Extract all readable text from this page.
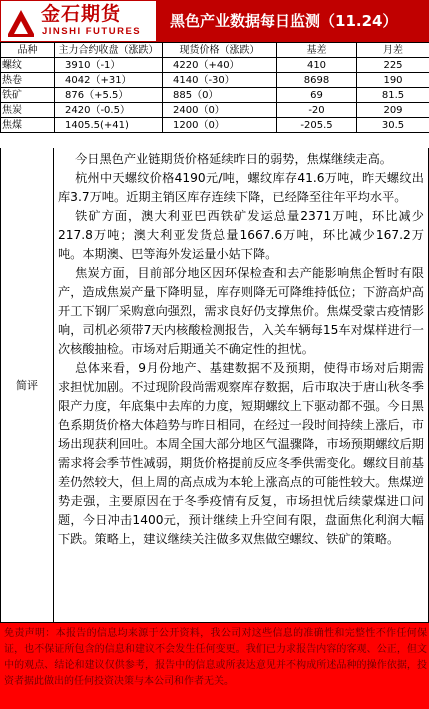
金石期货
JINSHI FUTURES
黑色产业数据每日监测（11.24）
品种	主力合约收盘（涨跌）	现货价格（涨跌）	基差	月差
螺纹	3910（-1）	4220（+40）	410	225
热卷	4042（+31）	4140（-30）	8698	190
铁矿	876（+5.5）	885（0）	69	81.5
焦炭	2420（-0.5）	2400（0）	-20	209
焦煤	1405.5(+41)	1200（0）	-205.5	30.5
简评

今日黑色产业链期货价格延续昨日的弱势，焦煤继续走高。

杭州中天螺纹价格4190元/吨，螺纹库存41.6万吨，昨天螺纹出库3.7万吨。近期主销区库存连续下降，已经降至往年平均水平。

铁矿方面，澳大利亚巴西铁矿发运总量2371万吨，环比减少217.8万吨；澳大利亚发货总量1667.6万吨，环比减少167.2万吨。本期澳、巴等海外发运量小姑下降。

焦炭方面，目前部分地区因环保检查和去产能影响焦企暂时有限产，造成焦炭产量下降明显，库存则降无可降维持低位；下游高炉高开工下钢厂采购意向强烈，需求良好仍支撑焦价。焦煤受蒙古疫情影响，司机必须带7天内核酸检测报告，入关车辆每15车对煤样进行一次核酸抽检。市场对后期通关不确定性的担忧。

总体来看，9月份地产、基建数据不及预期，使得市场对后期需求担忧加剧。不过现阶段尚需观察库存数据，后市取决于唐山秋冬季限产力度，年底集中去库的力度，短期螺纹上下驱动都不强。今日黑色系期货价格大体趋势与昨日相同，在经过一段时间持续上涨后，市场出现获利回吐。本周全国大部分地区气温骤降，市场预期螺纹后期需求将会季节性减弱，期货价格提前反应冬季供需变化。螺纹目前基差仍然较大，但上周的高点成为本轮上涨高点的可能性较大。焦煤逆势走强，主要原因在于冬季疫情有反复，市场担忧后续蒙煤进口问题，今日冲击1400元，预计继续上升空间有限，盘面焦化利润大幅下跌。策略上，建议继续关注做多双焦做空螺纹、铁矿的策略。

免责声明：本报告的信息均来源于公开资料，我公司对这些信息的准确性和完整性不作任何保证，也不保证所包含的信息和建议不会发生任何变更。我们已力求报告内容的客观、公正，但文中的观点、结论和建议仅供参考，报告中的信息或所表达意见并不构成所述品种的操作依据，投资者据此做出的任何投资决策与本公司和作者无关。
